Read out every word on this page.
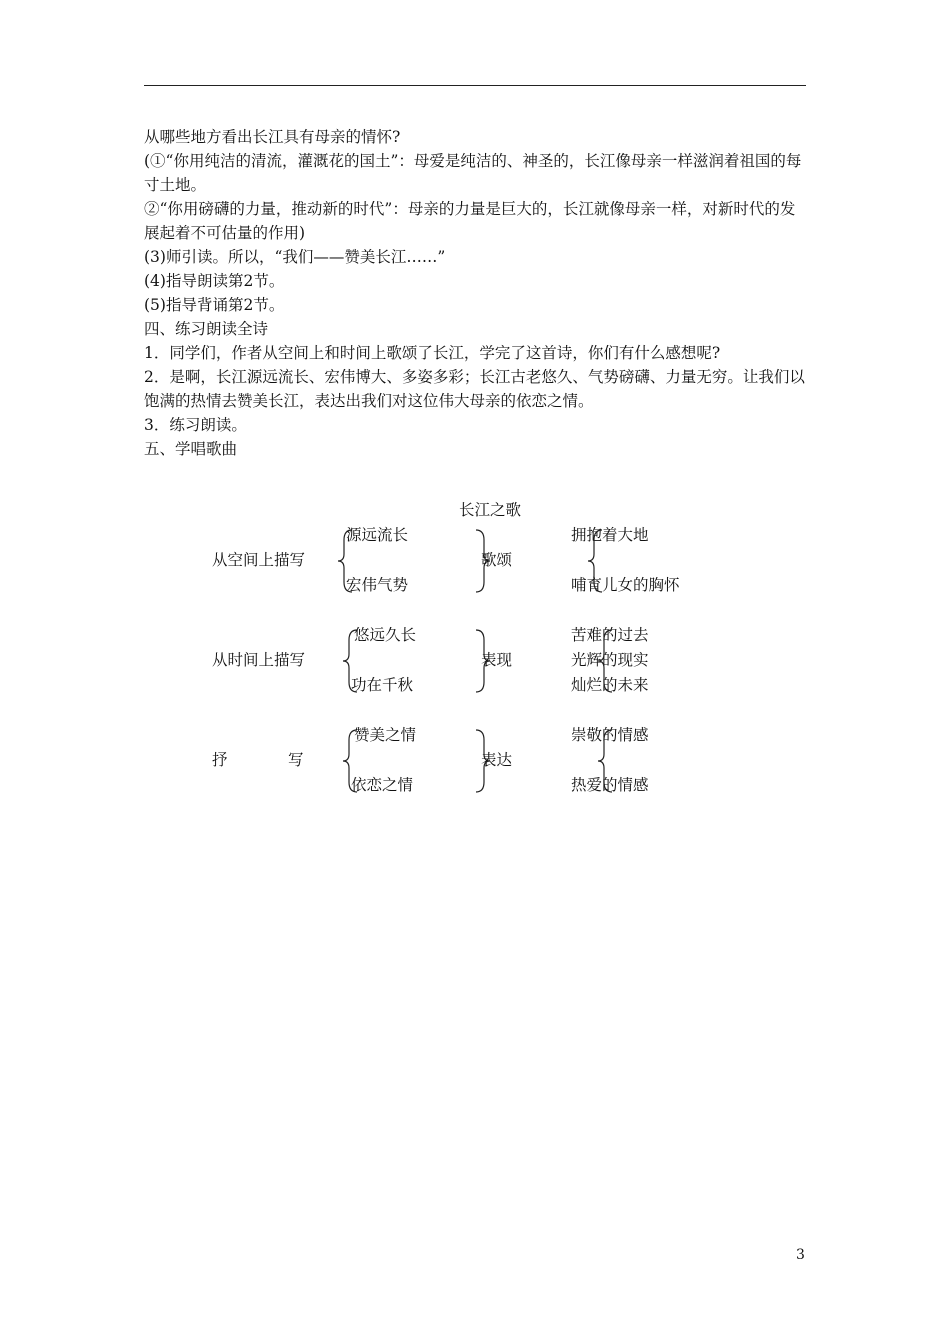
从哪些地方看出长江具有母亲的情怀?
(①“你用纯洁的清流，灌溉花的国土”：母爱是纯洁的、神圣的，长江像母亲一样滋润着祖国的每寸土地。
②“你用磅礴的力量，推动新的时代”：母亲的力量是巨大的，长江就像母亲一样，对新时代的发展起着不可估量的作用)
(3)师引读。所以，“我们——赞美长江……”
(4)指导朗读第2节。
(5)指导背诵第2节。
四、练习朗读全诗
1．同学们，作者从空间上和时间上歌颂了长江，学完了这首诗，你们有什么感想呢?
2．是啊，长江源远流长、宏伟博大、多姿多彩；长江古老悠久、气势磅礴、力量无穷。让我们以饱满的热情去赞美长江，表达出我们对这位伟大母亲的依恋之情。
3．练习朗读。
五、学唱歌曲
长江之歌
从空间上描写
源远流长
宏伟气势
歌颂
拥抱着大地
哺育儿女的胸怀
从时间上描写
悠远久长
功在千秋
表现
苦难的过去
光辉的现实
灿烂的未来
抒	写
赞美之情
依恋之情
表达
崇敬的情感
热爱的情感
3
